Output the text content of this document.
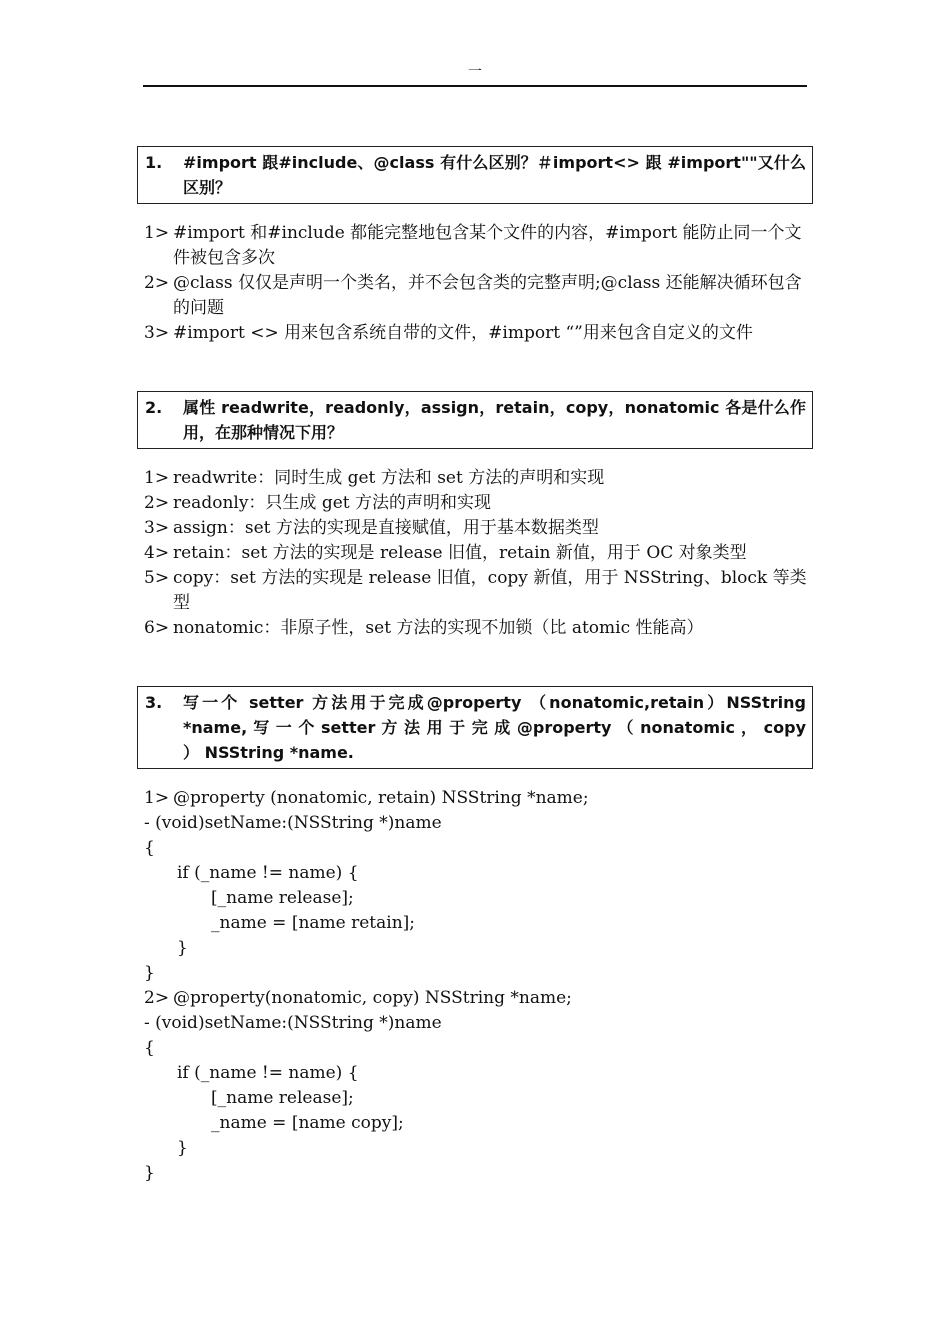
一
1. #import 跟#include、@class 有什么区别？＃import<> 跟 #import""又什么区别？
1> #import 和#include 都能完整地包含某个文件的内容，#import 能防止同一个文件被包含多次
2> @class 仅仅是声明一个类名，并不会包含类的完整声明;@class 还能解决循环包含的问题
3> #import <> 用来包含系统自带的文件，#import “”用来包含自定义的文件
2. 属性 readwrite，readonly，assign，retain，copy，nonatomic 各是什么作用，在那种情况下用？
1> readwrite：同时生成 get 方法和 set 方法的声明和实现
2> readonly：只生成 get 方法的声明和实现
3> assign：set 方法的实现是直接赋值，用于基本数据类型
4> retain：set 方法的实现是 release 旧值，retain 新值，用于 OC 对象类型
5> copy：set 方法的实现是 release 旧值，copy 新值，用于 NSString、block 等类型
6> nonatomic：非原子性，set 方法的实现不加锁（比 atomic 性能高）
3. 写一个 setter 方法用于完成@property （nonatomic,retain）NSString *name, 写 一 个 setter 方 法 用 于 完 成 @property （ nonatomic ， copy ） NSString *name.
1> @property (nonatomic, retain) NSString *name;
- (void)setName:(NSString *)name
{
if (_name != name) {
[_name release];
_name = [name retain];
}
}
2> @property(nonatomic, copy) NSString *name;
- (void)setName:(NSString *)name
{
if (_name != name) {
[_name release];
_name = [name copy];
}
}
